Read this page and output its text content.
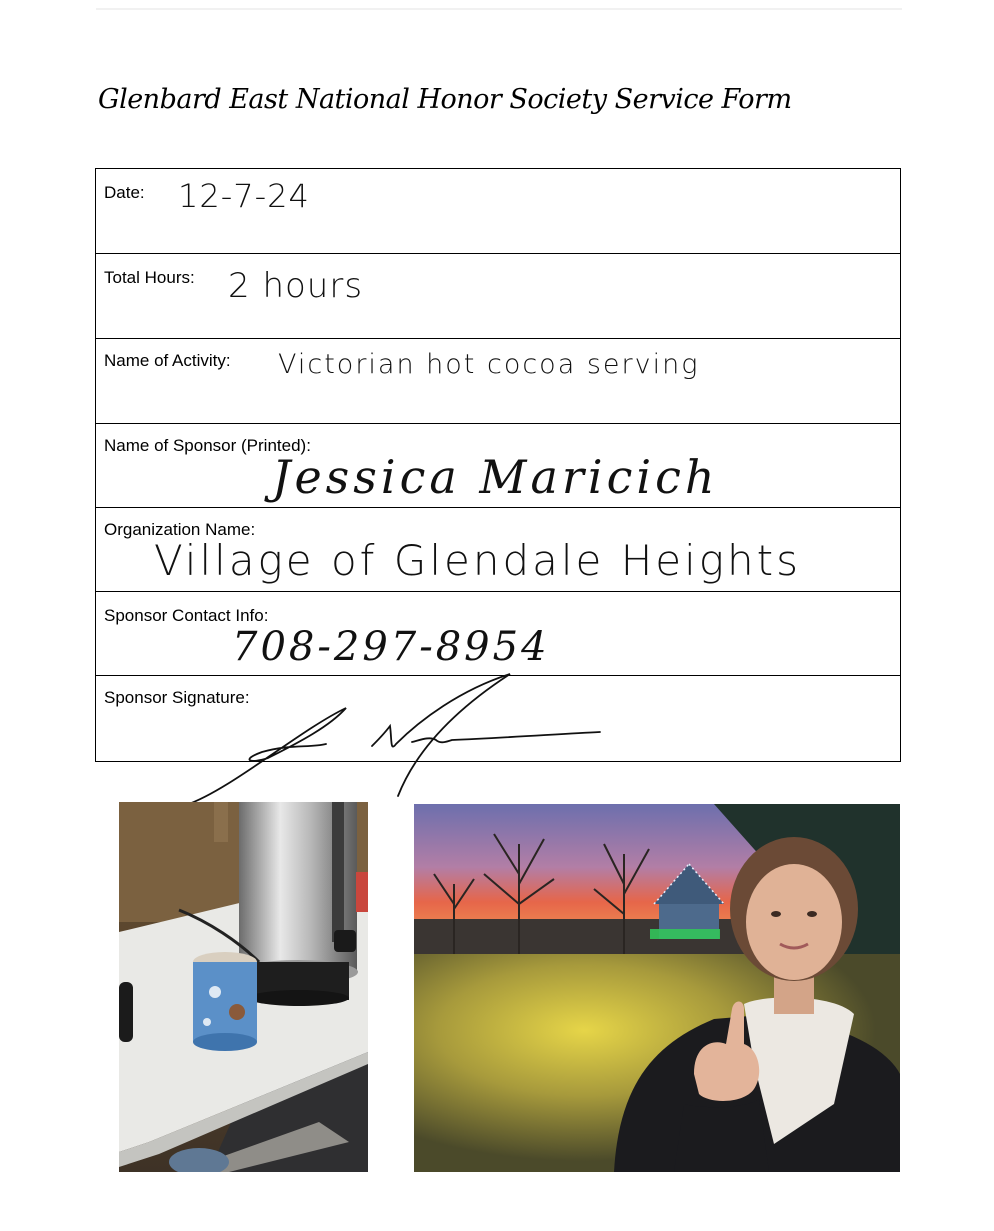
Glenbard East National Honor Society Service Form
Date: 12-7-24
Total Hours: 2 hours
Name of Activity: Victorian hot cocoa serving
Name of Sponsor (Printed):
Jessica Maricich
Organization Name:
Village of Glendale Heights
Sponsor Contact Info:
708-297-8954
Sponsor Signature:
